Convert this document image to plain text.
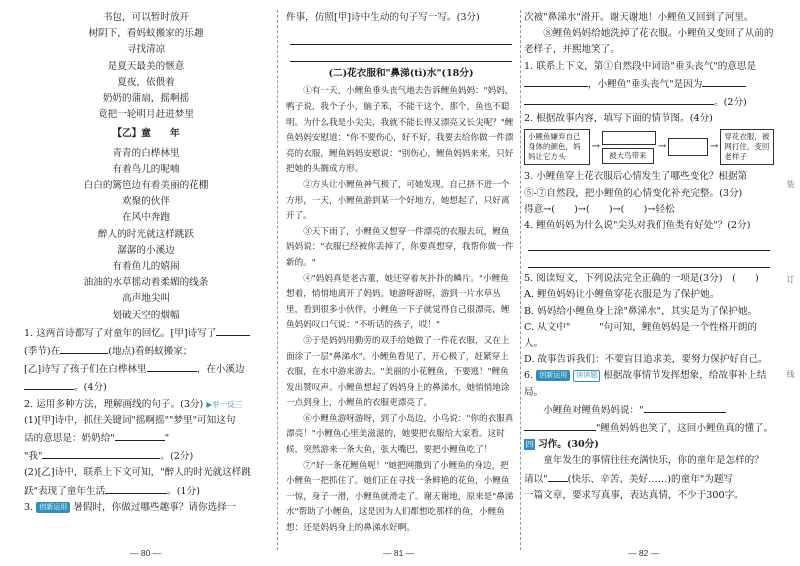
书包，可以暂时放开

树阴下，看妈蚁搬家的乐趣

寻找清凉

是夏天最美的惬意

夏夜，依偎着

奶奶的蒲扇，摇啊摇

竟把一轮明月赶进梦里

【乙】童　　年

青青的白桦林里

有着鸟儿的呢喃

白白的篱笆边有着美丽的花棚

欢聚的伙伴

在风中奔跑

醉人的时光就这样跳跃

潺潺的小溪边

有着鱼儿的嬉闹

油油的水草摇动着柔媚的线条

高声地尖叫

划破天空的烟幅

1. 这两首诗都写了对童年的回忆。[甲]诗写了
(季节)在	(地点)看蚂蚁搬家；
[乙]诗写了孩子们在白桦林里	，在小溪边
。(4分)

2. 运用多种方法，理解画线的句子。(3分) ▶举一反三
(1)[甲]诗中，抓住关键词"摇啊摇""梦里"可知这句
话的意思是：奶奶给"	"
"我"	。(2分)
(2)[乙]诗中，联系上下文可知，"醉人的时光就这样跳
跃"表现了童年生活	。(1分)

3. 创新运用 暑假时，你做过哪些趣事？请你选择一

件事，仿照[甲]诗中生动的句子写一写。(3分)

(二)花衣服和"鼻涕(tì)水"(18分)

①有一天，小鲤鱼垂头丧气地去告诉鲤鱼妈妈："妈妈，鸭子说，我个子小，脑子笨，不能干这个，那个，鱼也不聪明。为什么我是小尖尖，我就不能长得又漂亮又长尖呢？"鲤鱼妈妈安慰道："你不要伤心，好不好，我要去给你做一件漂亮的衣服，鲤鱼妈妈安慰说："别伤心，鲤鱼妈妈来来，只好把她的头搁成方形。

②方头让小鲤鱼神气极了，可她发现，自己挤不进一个方形，一天，小鲤鱼游到某一个好地方，她想起了，只好离开了。

③天下雨了，小鲤鱼又想穿一件漂亮的衣服去玩，鲤鱼妈妈说："衣服已经被你丢掉了，你要真想穿，我帮你做一件新的。"

④"妈妈真是老古董，她还穿着灰扑扑的鳞片。"小鲤鱼想着，悄悄地离开了妈妈。她游呀游呀，游到一片水草丛里，看到很多小伙伴，小鲤鱼一下子就觉得自己很漂亮，鲤鱼妈妈叹口气说："不听话的孩子，哎！"

⑤于是妈妈用勤劳的双手给她做了一件花衣服，又在上面涂了一层"鼻涕水"。小鲤鱼看见了，开心极了，赶紧穿上衣服，在水中游来游去。"美丽的小花鲤鱼，不要逃！"鲤鱼发出赞叹声。小鲤鱼想起了妈妈身上的鼻涕水，她悄悄地涂一点到身上，小鲤鱼的衣服更漂亮了。

⑥小鲤鱼游呀游呀，到了小岛边，小鸟说："你的衣服真漂亮！"小鲤鱼心里美滋滋的，她要把衣服给大家看。这时候，突然游来一条大鱼，张大嘴巴，要把小鲤鱼吃了！

⑦"好一条花鲤鱼呢！"她把网撒到了小鲤鱼的身边，把小鲤鱼一把抓住了。她们正在寻找一条鲜艳的花鱼，小鲤鱼一惊，身子一滑，小鲤鱼就滑走了。谢天谢地，原来是"鼻涕水"帮助了小鲤鱼，这是因为人们都想吃那样的鱼，小鲤鱼想：还是妈妈身上的鼻涕水好啊。

次被"鼻涕水"滑开。谢天谢地！小鲤鱼又回到了河里。

⑧鲤鱼妈妈给她洗掉了花衣服。小鲤鱼又变回了从前的老样子，并熙地笑了。

1. 联系上下文，第①自然段中词语"垂头丧气"的意思是
，小鲤鱼"垂头丧气"是因为
。(2分)

2. 根据故事内容，填写下面的情节图。(4分)

小鲤鱼嫌弃自己身体的颜色，妈妈让它方头
→
被大鸟带来
→	→
穿花衣服，被网打住，变回老样子

3. 小鲤鱼穿上花衣服后心情发生了哪些变化？根据第
⑤-⑦自然段，把小鲤鱼的心情变化补充完整。(3分)
得意→(　　)→(　　)→(　　)→轻松

4. 鲤鱼妈妈为什么说"尖头对我们鱼类有好处"？(2分)

5. 阅读短文，下列说法完全正确的一项是(3分)　(　　)
A. 鲤鱼妈妈让小鲤鱼穿花衣服是为了保护她。
B. 妈妈给小鲤鱼身上涂"鼻涕水"，其实是为了保护她。
C. 从文中"　　　"句可知，鲤鱼妈妈是一个性格开朗的人。
D. 故事告诉我们：不要盲目追求美，要努力保护好自己。

6. 创新运用 读读题 根据故事情节发挥想象，给故事补上结局。
小鲤鱼对鲤鱼妈妈说："
"鲤鱼妈妈也笑了，这回小鲤鱼真的懂了。

四 习作。(30分)
童年发生的事情往往充满快乐，你的童年是怎样的？
请以" (快乐、辛苦、美好……)的童年"为题写
一篇文章，要求写真事，表达真情，不少于300字。

装
订
线
— 80 —	— 81 —	— 82 —
